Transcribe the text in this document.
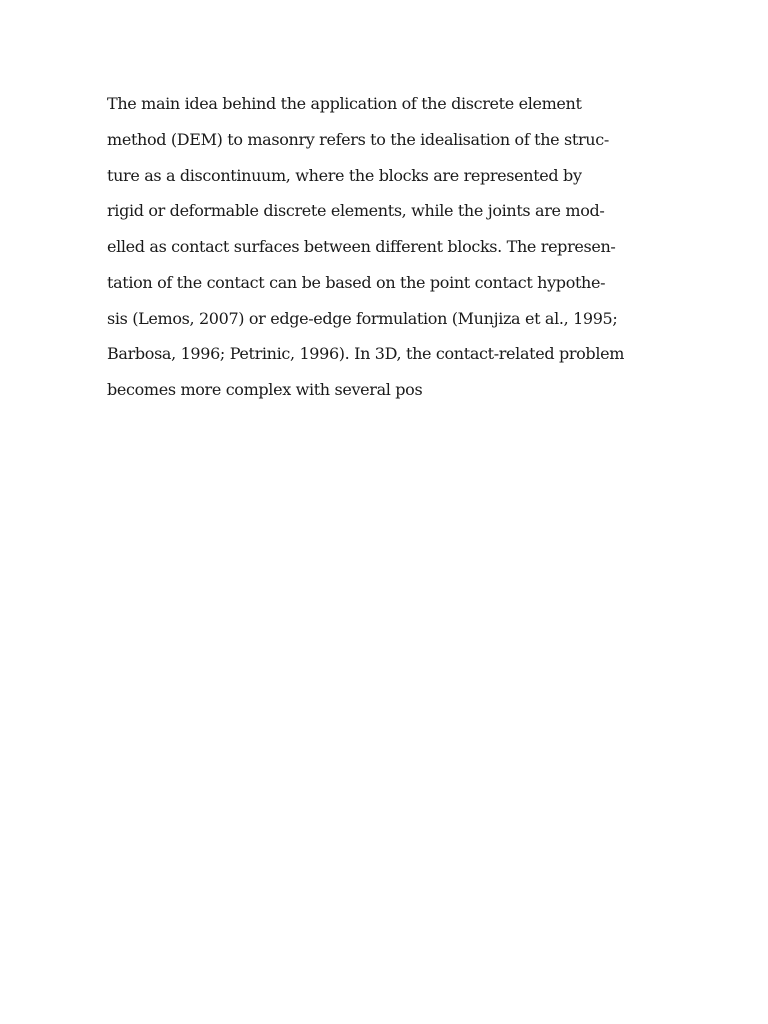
The main idea behind the application of the discrete element
method (DEM) to masonry refers to the idealisation of the struc-
ture as a discontinuum, where the blocks are represented by
rigid or deformable discrete elements, while the joints are mod-
elled as contact surfaces between different blocks. The represen-
tation of the contact can be based on the point contact hypothe-
sis (Lemos, 2007) or edge-edge formulation (Munjiza et al., 1995;
Barbosa, 1996; Petrinic, 1996). In 3D, the contact-related problem
becomes more complex with several pos
